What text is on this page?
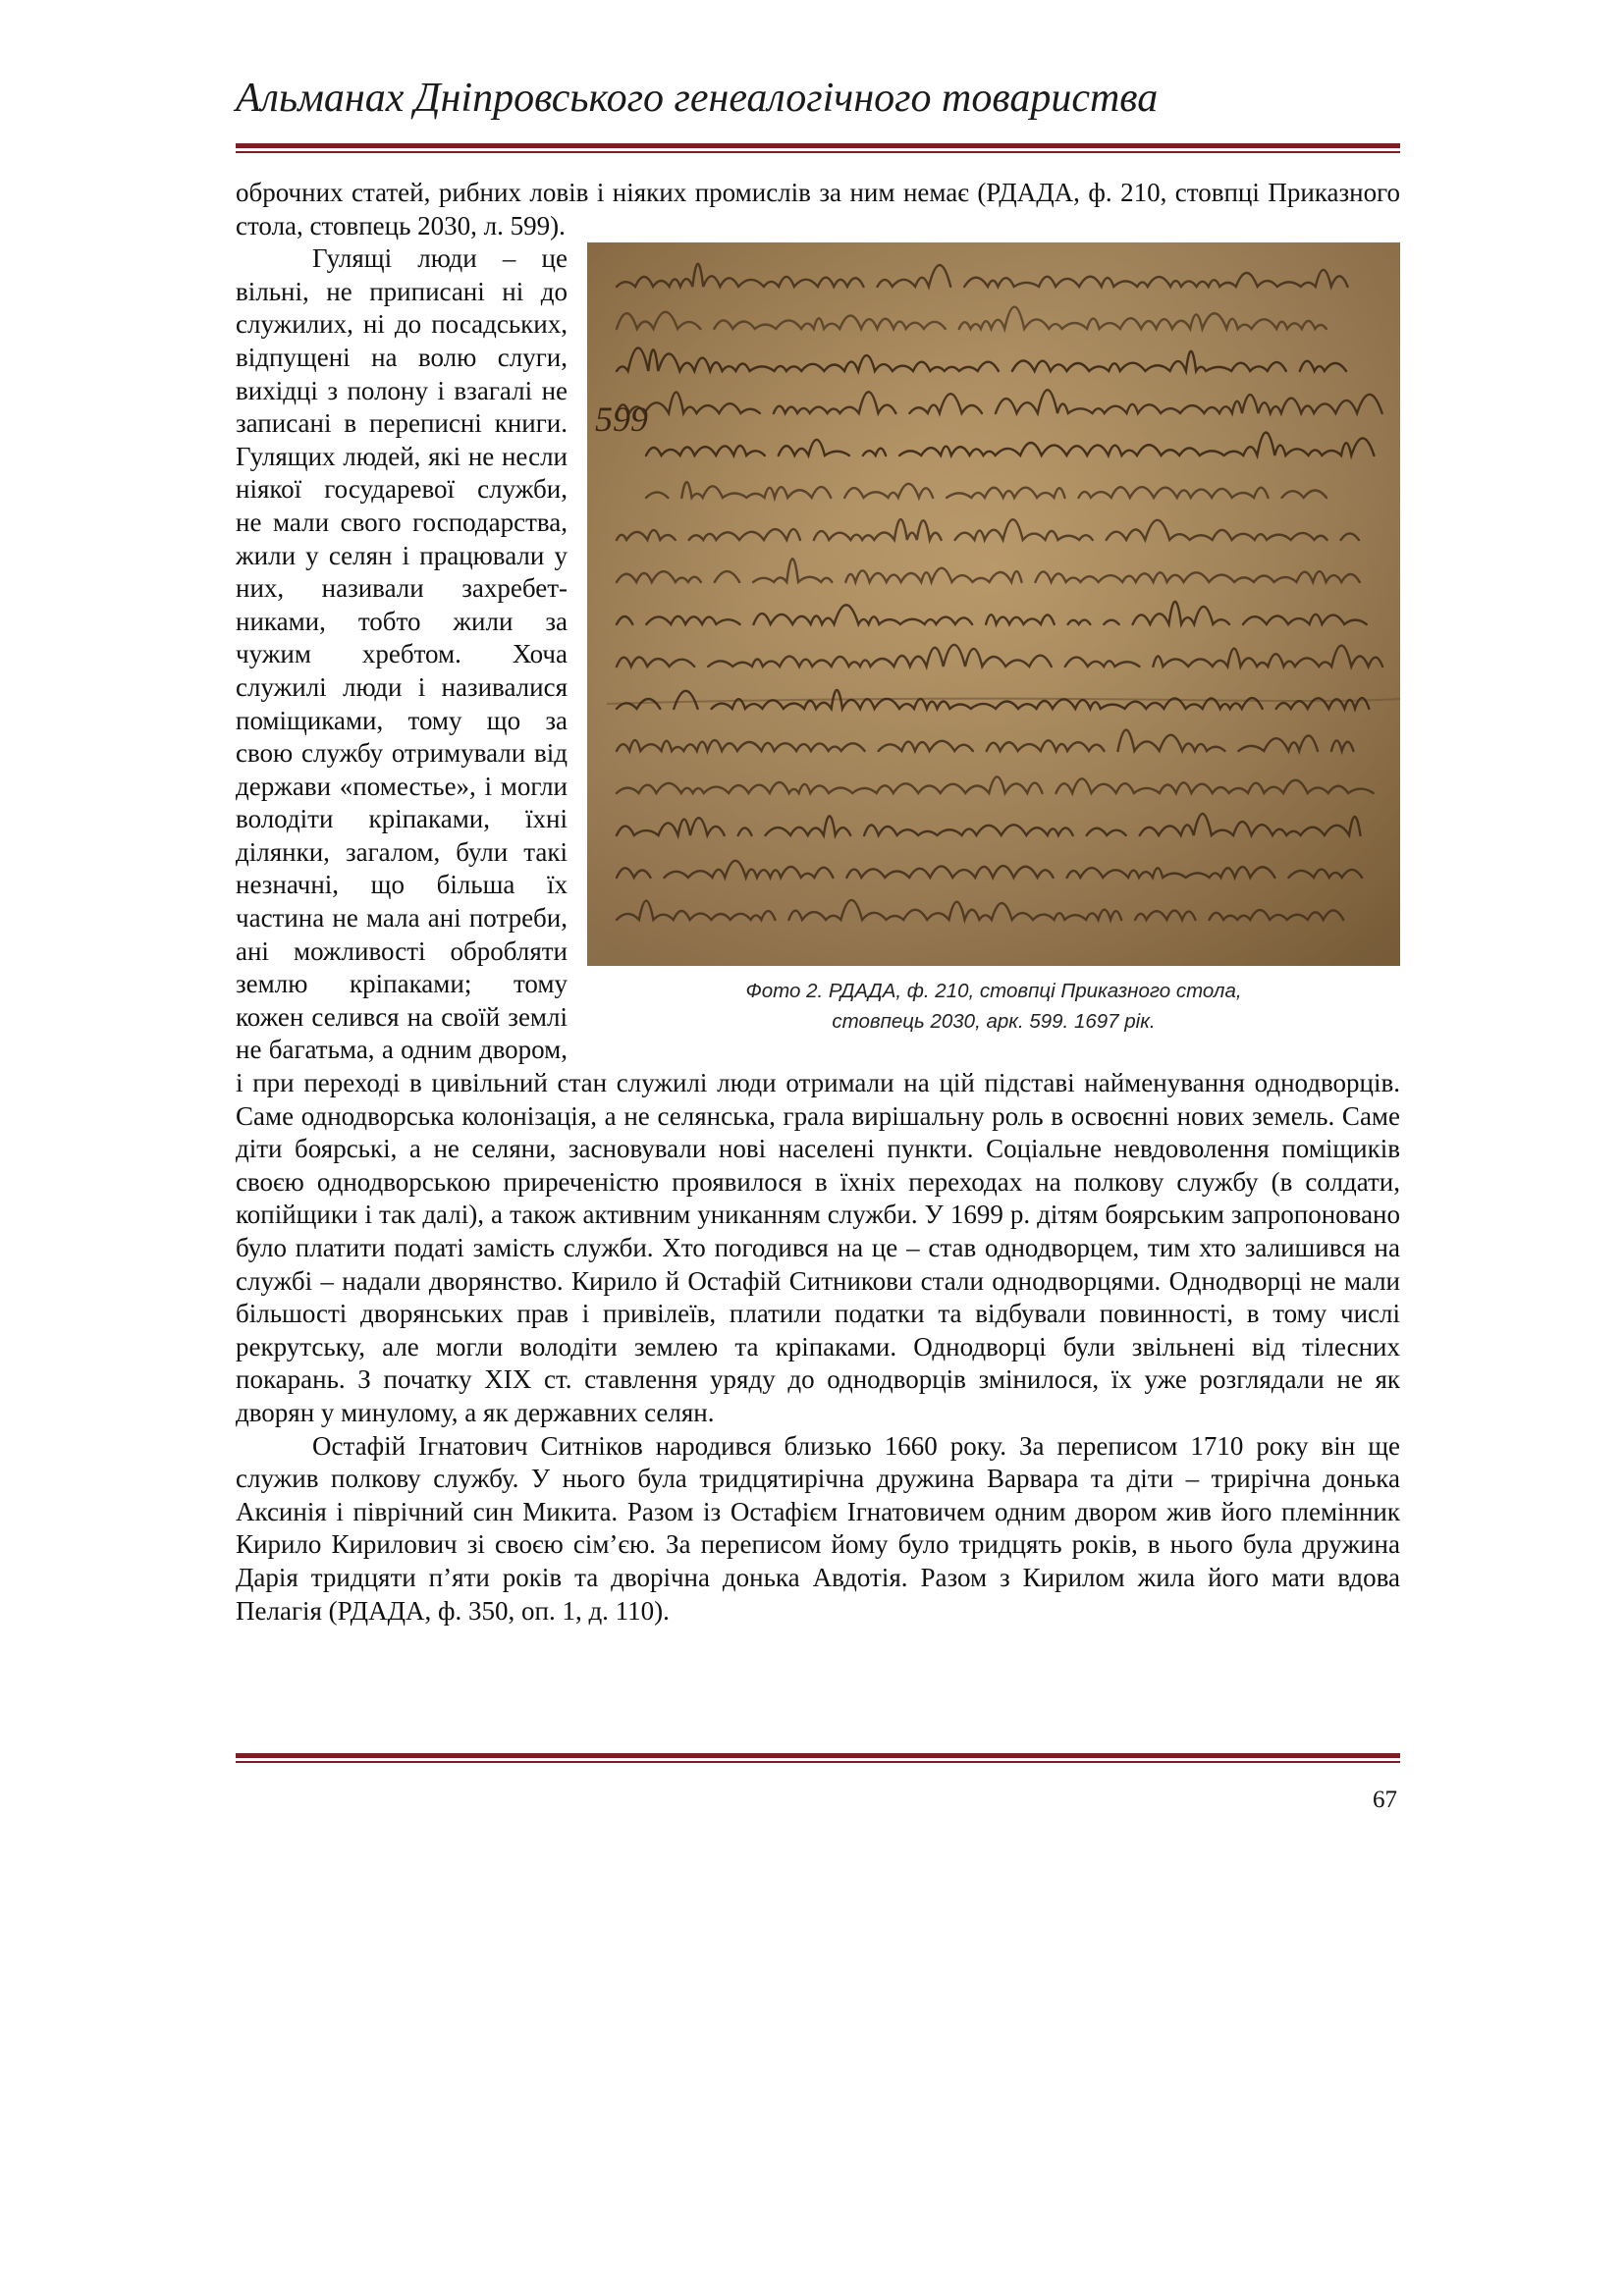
Альманах Дніпровського генеалогічного товариства

оброчних статей, рибних ловів і ніяких промислів за ним немає (РДАДА, ф. 210, стовпці Приказного стола, стовпець 2030, л. 599).

599
Фото 2. РДАДА, ф. 210, стовпці Приказного стола,
стовпець 2030, арк. 599. 1697 рік.

Гулящі люди – це вільні, не приписані ні до служилих, ні до посадських, відпущені на волю слуги, вихідці з полону і взагалі не записані в переписні книги. Гулящих людей, які не несли ніякої государевої служби, не мали свого господарства, жили у селян і працювали у них, називали захребетниками, тобто жили за чужим хребтом. Хоча служилі люди і називалися поміщиками, тому що за свою службу отримували від держави «поместье», і могли володіти кріпаками, їхні ділянки, загалом, були такі незначні, що більша їх частина не мала ані потреби, ані можливості обробляти землю кріпаками; тому кожен селився на своїй землі не багатьма, а одним двором, і при переході в цивільний стан служилі люди отримали на цій підставі найменування однодворців. Саме однодворська колонізація, а не селянська, грала вирішальну роль в освоєнні нових земель. Саме діти боярські, а не селяни, засновували нові населені пункти. Соціальне невдоволення поміщиків своєю однодворською приреченістю проявилося в їхніх переходах на полкову службу (в солдати, копійщики і так далі), а також активним униканням служби. У 1699 р. дітям боярським запропоновано було платити податі замість служби. Хто погодився на це – став однодворцем, тим хто залишився на службі – надали дворянство. Кирило й Остафій Ситникови стали однодворцями. Однодворці не мали більшості дворянських прав і привілеїв, платили податки та відбували повинності, в тому числі рекрутську, але могли володіти землею та кріпаками. Однодворці були звільнені від тілесних покарань. З початку XIX ст. ставлення уряду до однодворців змінилося, їх уже розглядали не як дворян у минулому, а як державних селян.

Остафій Ігнатович Ситніков народився близько 1660 року. За переписом 1710 року він ще служив полкову службу. У нього була тридцятирічна дружина Варвара та діти – трирічна донька Аксинія і піврічний син Микита. Разом із Остафієм Ігнатовичем одним двором жив його племінник Кирило Кирилович зі своєю сім’єю. За переписом йому було тридцять років, в нього була дружина Дарія тридцяти п’яти років та дворічна донька Авдотія. Разом з Кирилом жила його мати вдова Пелагія (РДАДА, ф. 350, оп. 1, д. 110).

67
